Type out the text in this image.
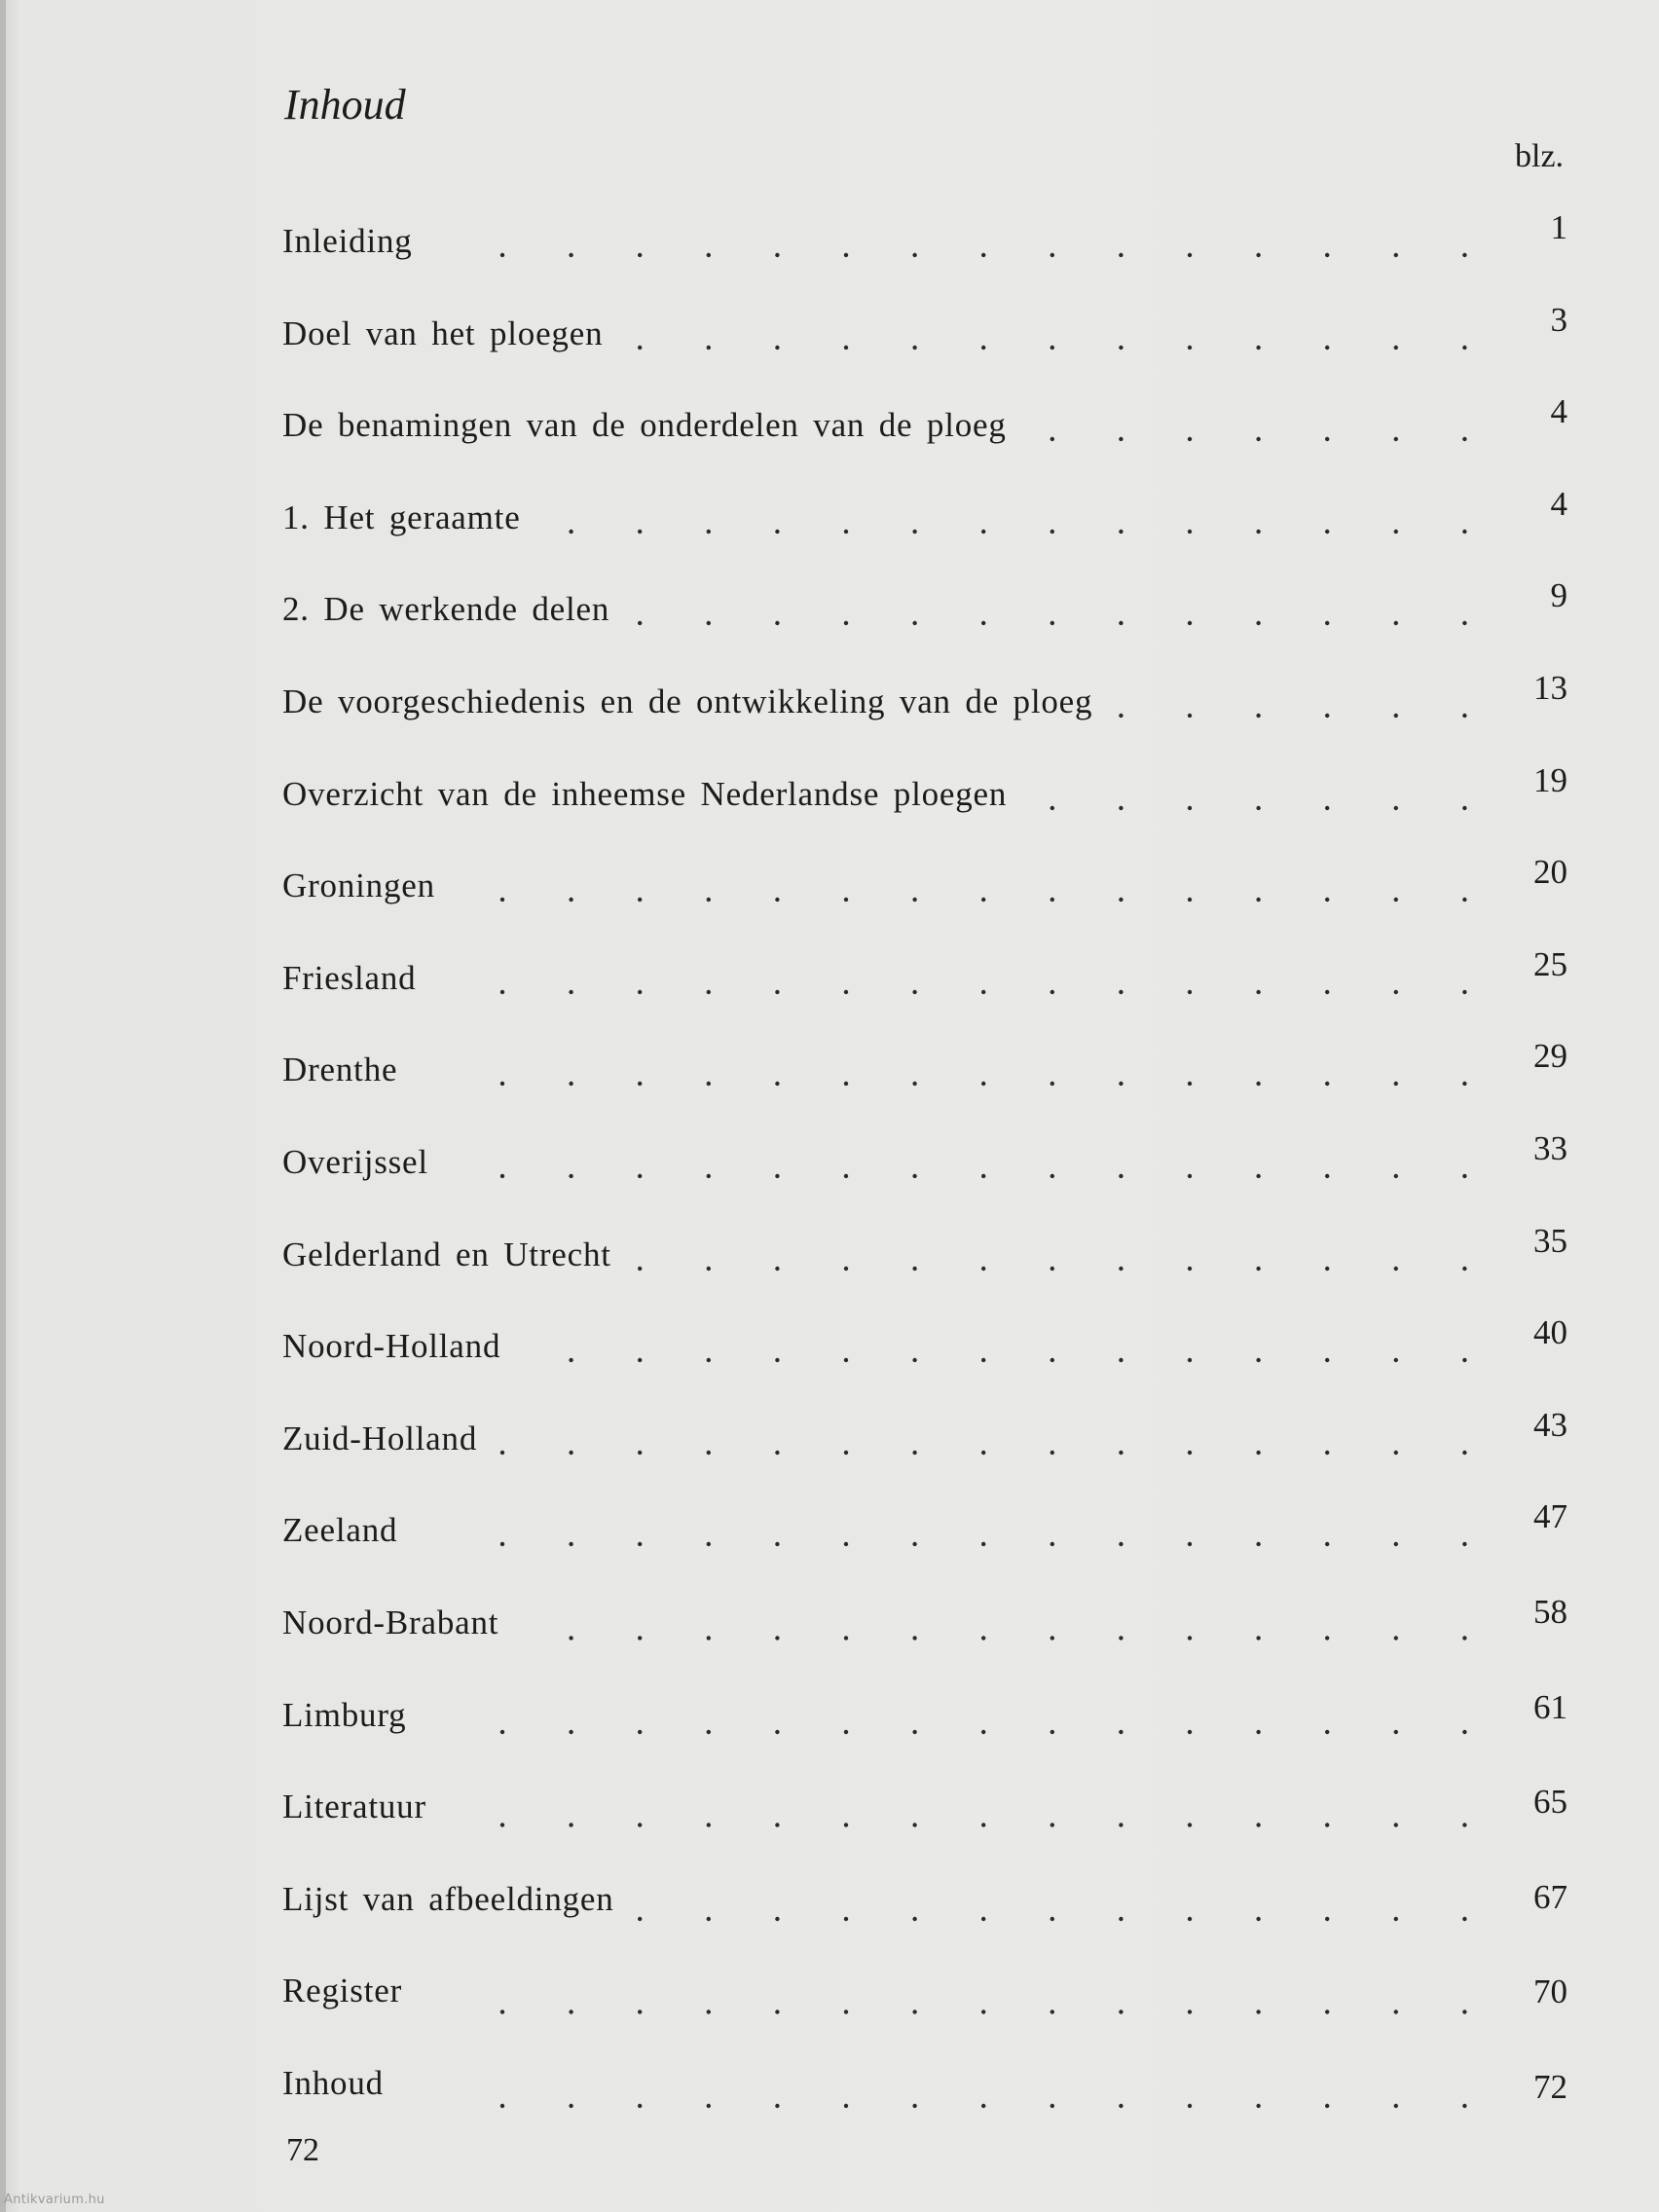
Inhoud
blz.
Inleiding	1
Doel van het ploegen	3
De benamingen van de onderdelen van de ploeg	4
1. Het geraamte	4
2. De werkende delen	9
De voorgeschiedenis en de ontwikkeling van de ploeg	13
Overzicht van de inheemse Nederlandse ploegen	19
Groningen	20
Friesland	25
Drenthe	29
Overijssel	33
Gelderland en Utrecht	35
Noord-Holland	40
Zuid-Holland	43
Zeeland	47
Noord-Brabant	58
Limburg	61
Literatuur	65
Lijst van afbeeldingen	67
Register	70
Inhoud	72
72
Antikvarium.hu
